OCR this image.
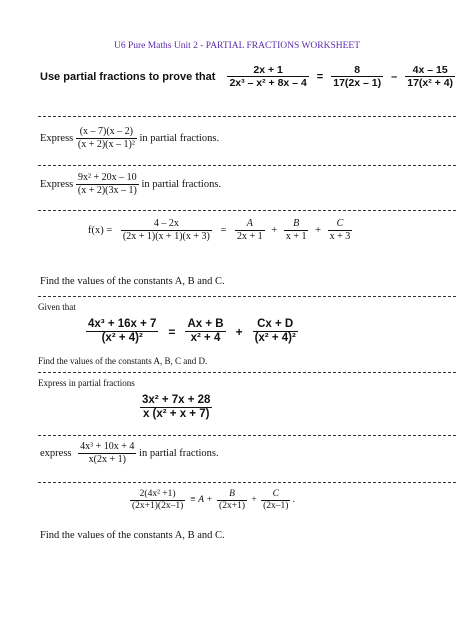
U6 Pure Maths Unit 2 - PARTIAL FRACTIONS WORKSHEET
Use partial fractions to prove that $\frac{2x + 1}{\text{2x³ – x² + 8x – 4}} = \frac{8}{17(2x - 1)} - \frac{4x - 15}{\text{17(x² + 4)}}$
Express $\frac{(x - 7)(x - 2)}{\text{(x + 2)(x – 1)²}}$ in partial fractions.
Express $\frac{\text{9x² + 20x – 10}}{(x + 2)(3x - 1)}$ in partial fractions.
$f(x) = \frac{4 - 2x}{(2x + 1)(x + 1)(x + 3)} = \frac{A}{2x + 1} + \frac{B}{x + 1} + \frac{C}{x + 3}$
Find the values of the constants A, B and C.
Given that
$\frac{\text{4x³ + 16x + 7}}{\text{(x² + 4)²}} = \frac{Ax + B}{\text{x² + 4}} + \frac{Cx + D}{\text{(x² + 4)²}}$
Find the values of the constants A, B, C and D.
Express in partial fractions
$\frac{\text{3x² + 7x + 28}}{\text{x (x² + x + 7)}}$
express $\frac{\text{4x³ + 10x + 4}}{x(2x + 1)}$ in partial fractions.
$\frac{\text{2(4x² +1)}}{(2x+1)(2x-1)} \equiv A + \frac{B}{(2x+1)} + \frac{C}{(2x-1)}$ .
Find the values of the constants A, B and C.
